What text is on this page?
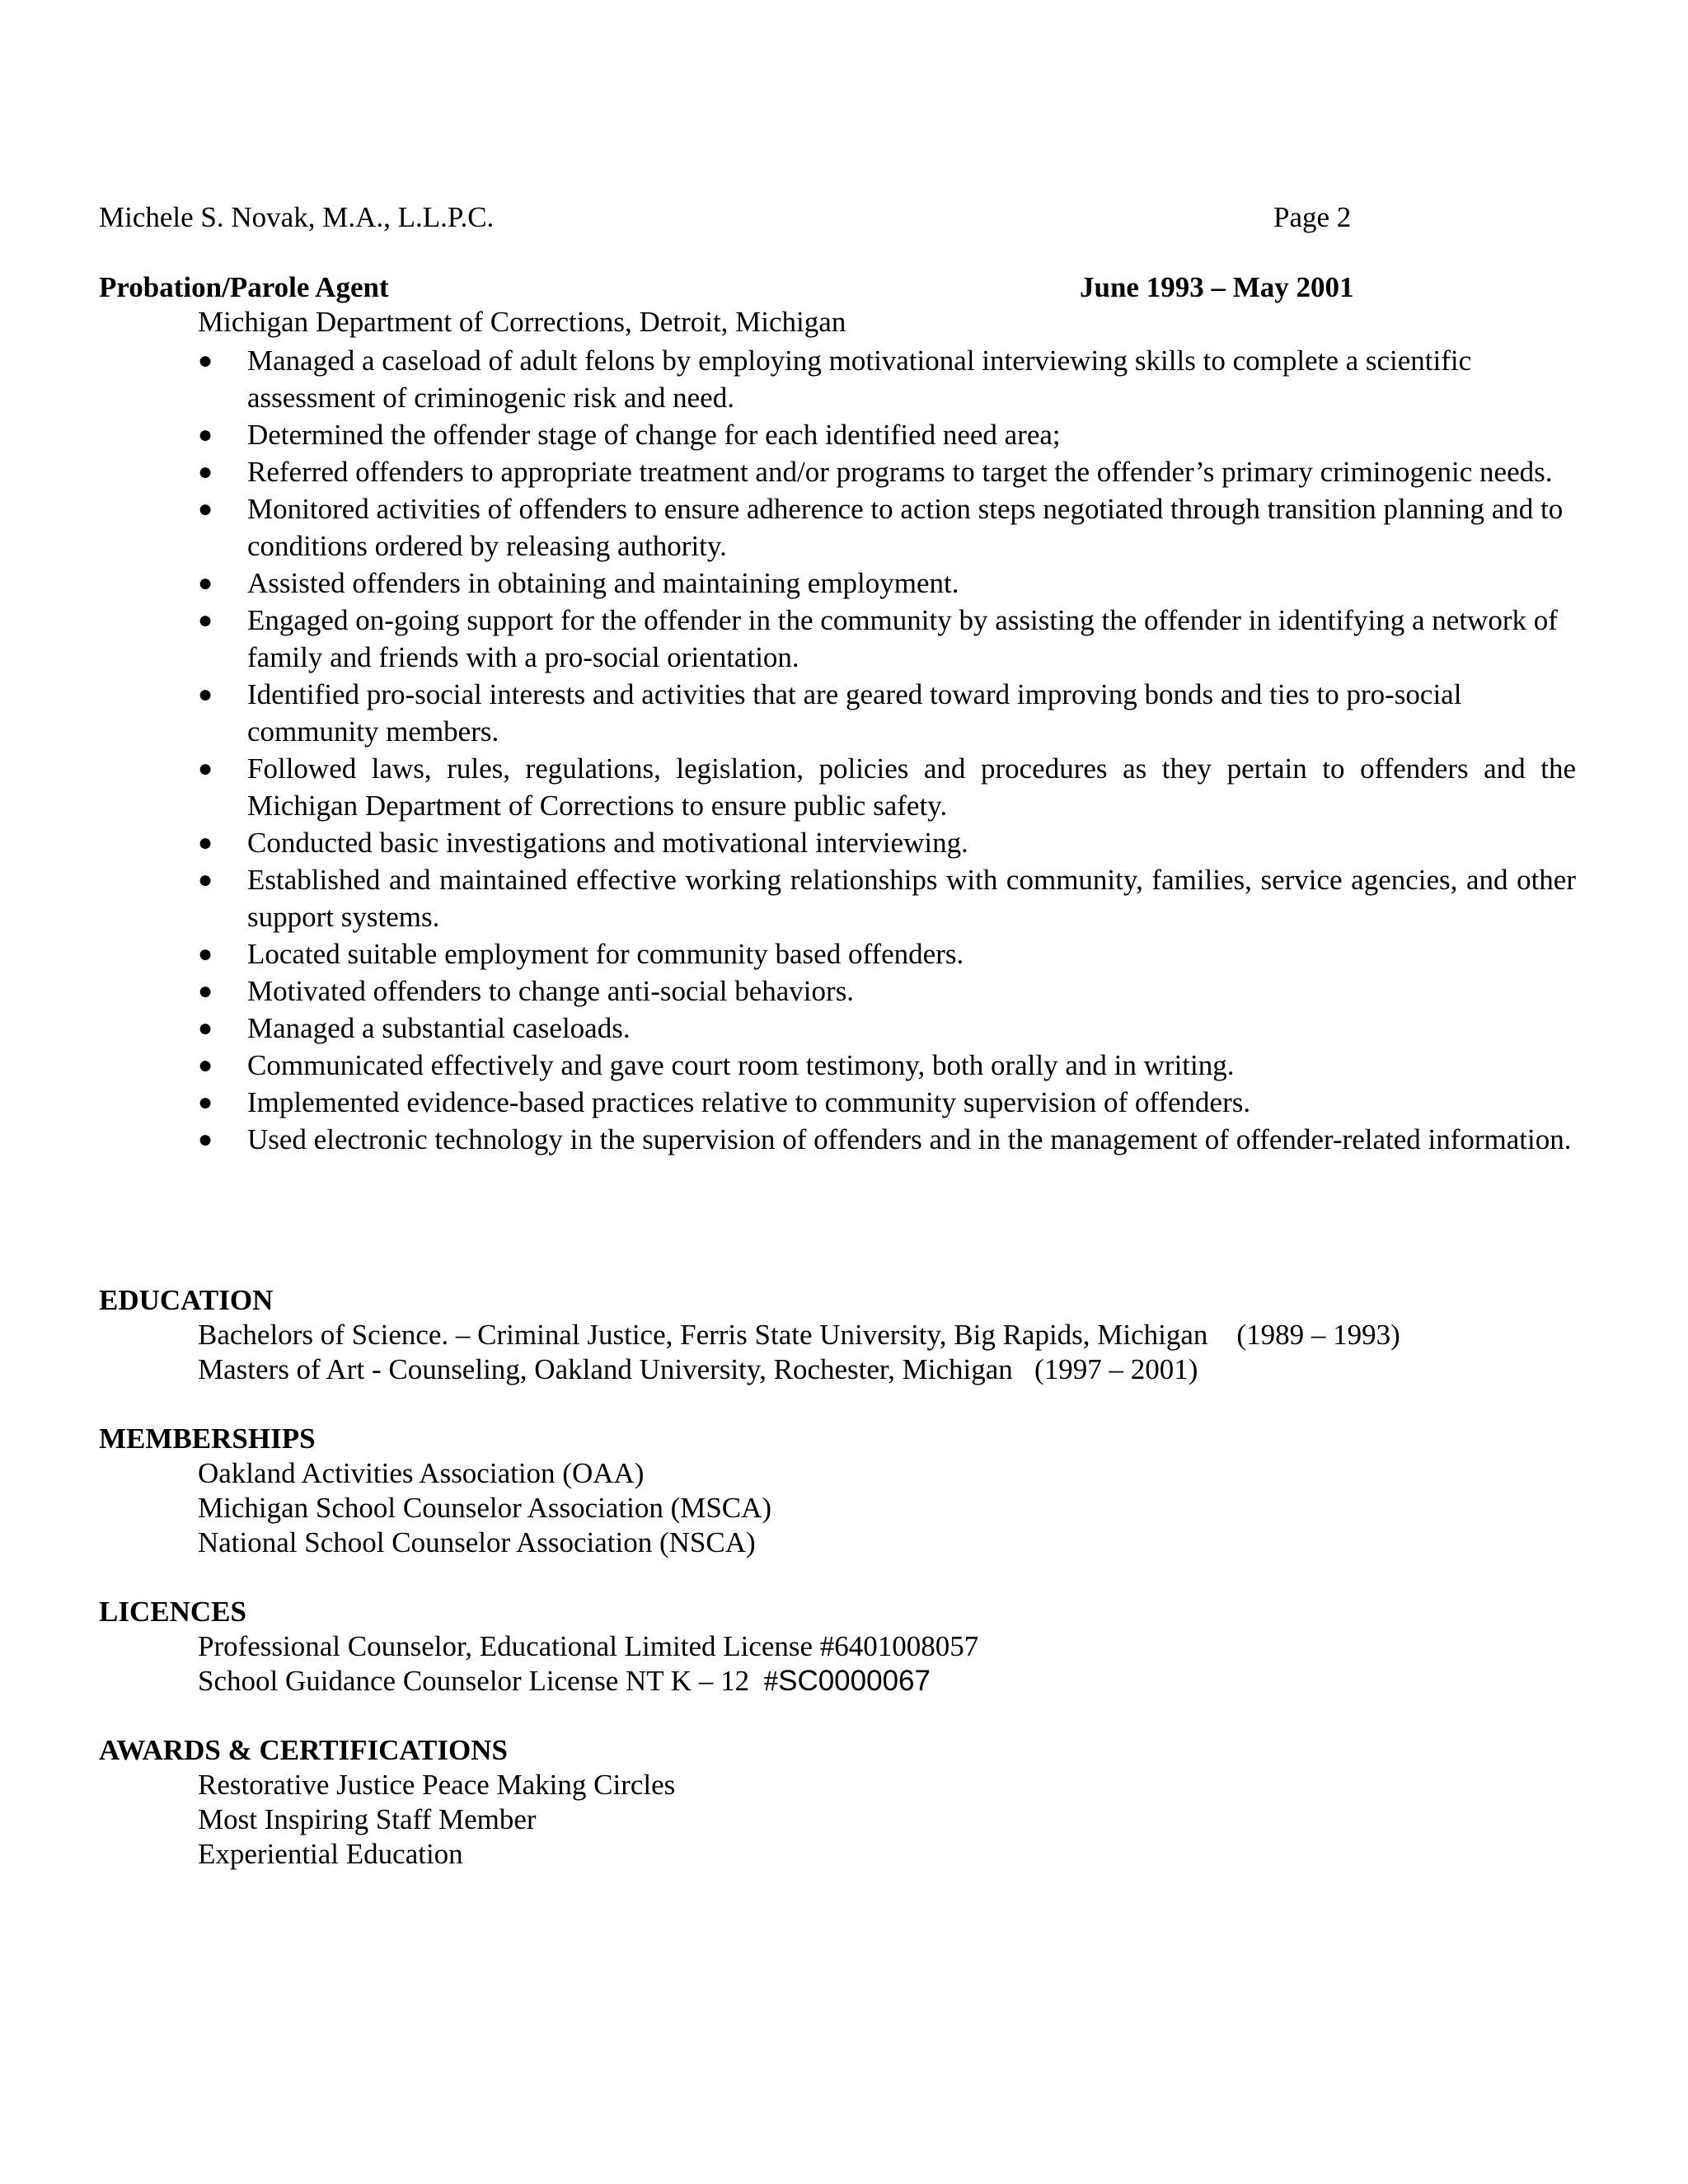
Michele S. Novak, M.A., L.L.P.C.	Page 2
Probation/Parole Agent	June 1993 – May 2001
Michigan Department of Corrections, Detroit, Michigan
●	Managed a caseload of adult felons by employing motivational interviewing skills to complete a scientific assessment of criminogenic risk and need.
●	Determined the offender stage of change for each identified need area;
●	Referred offenders to appropriate treatment and/or programs to target the offender’s primary criminogenic needs.
●	Monitored activities of offenders to ensure adherence to action steps negotiated through transition planning and to conditions ordered by releasing authority.
●	Assisted offenders in obtaining and maintaining employment.
●	Engaged on-going support for the offender in the community by assisting the offender in identifying a network of family and friends with a pro-social orientation.
●	Identified pro-social interests and activities that are geared toward improving bonds and ties to pro-social community members.
●	Followed laws, rules, regulations, legislation, policies and procedures as they pertain to offenders and the Michigan Department of Corrections to ensure public safety.
●	Conducted basic investigations and motivational interviewing.
●	Established and maintained effective working relationships with community, families, service agencies, and other support systems.
●	Located suitable employment for community based offenders.
●	Motivated offenders to change anti-social behaviors.
●	Managed a substantial caseloads.
●	Communicated effectively and gave court room testimony, both orally and in writing.
●	Implemented evidence-based practices relative to community supervision of offenders.
●	Used electronic technology in the supervision of offenders and in the management of offender-related information.
EDUCATION
Bachelors of Science. – Criminal Justice, Ferris State University, Big Rapids, Michigan    (1989 – 1993)
Masters of Art - Counseling, Oakland University, Rochester, Michigan   (1997 – 2001)
MEMBERSHIPS
Oakland Activities Association (OAA)
Michigan School Counselor Association (MSCA)
National School Counselor Association (NSCA)
LICENCES
Professional Counselor, Educational Limited License #6401008057
School Guidance Counselor License NT K – 12  #SC0000067
AWARDS & CERTIFICATIONS
Restorative Justice Peace Making Circles
Most Inspiring Staff Member
Experiential Education
